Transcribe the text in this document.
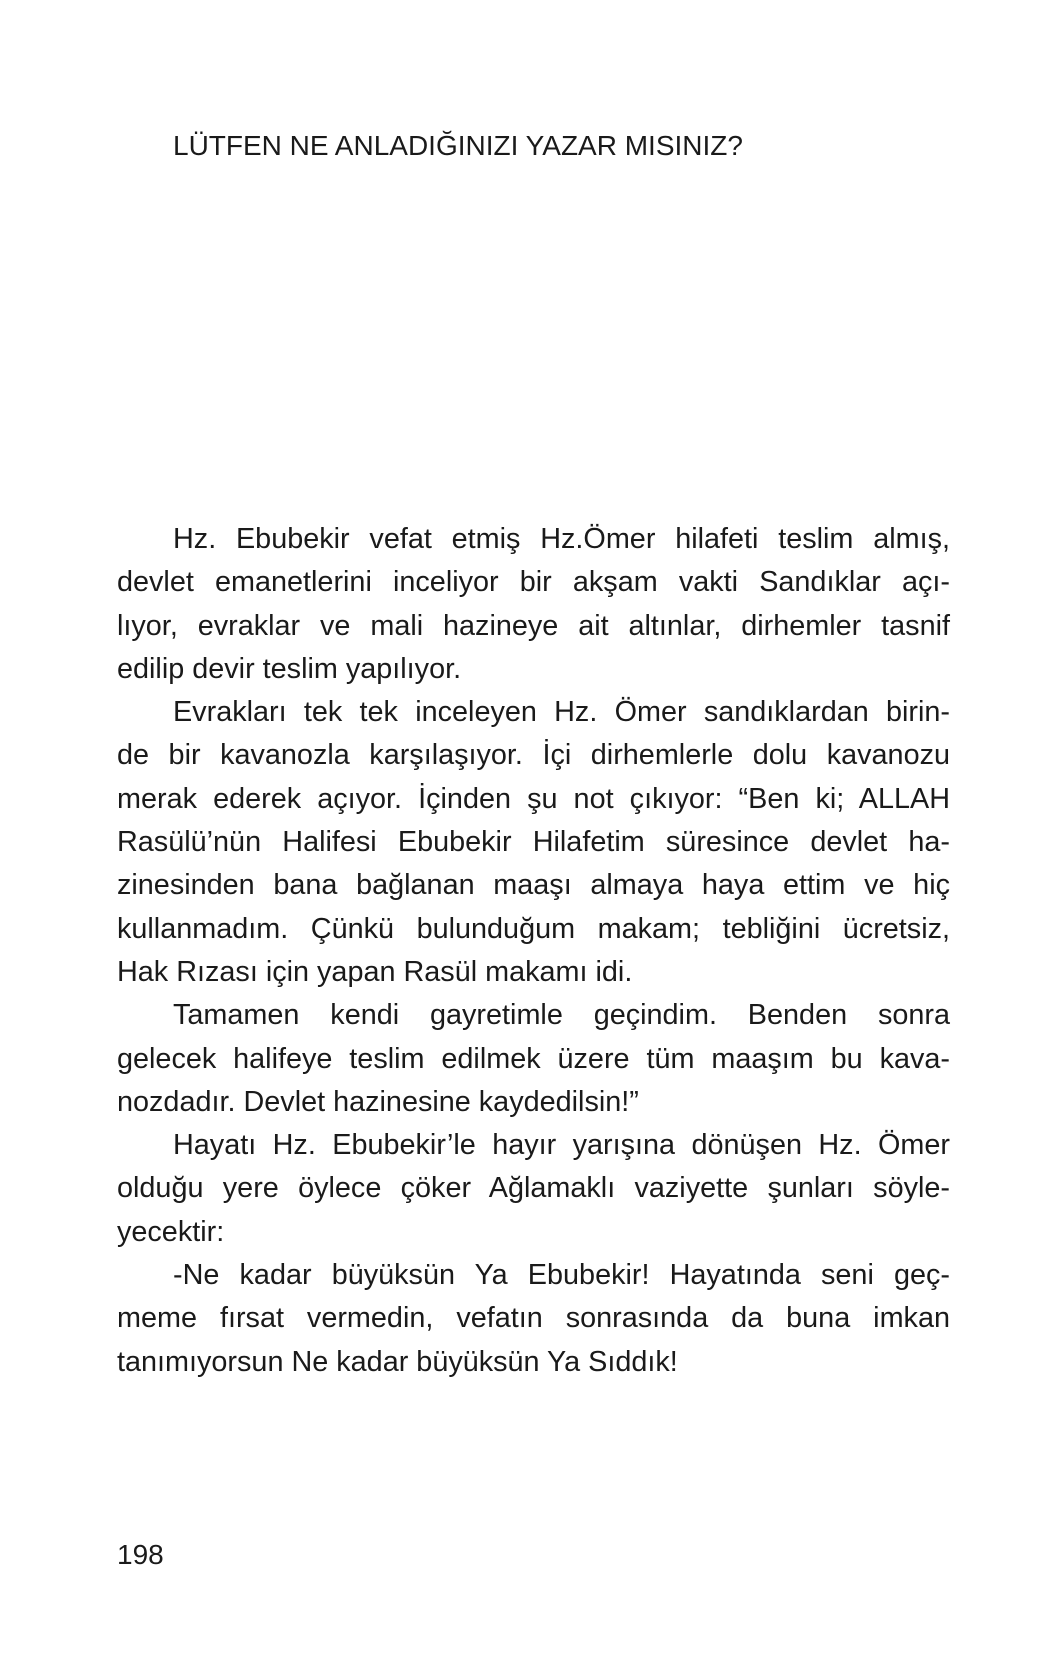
LÜTFEN NE ANLADIĞINIZI YAZAR MISINIZ?
Hz. Ebubekir vefat etmiş Hz.Ömer hilafeti teslim almış,
devlet emanetlerini inceliyor bir akşam vakti Sandıklar açı-
lıyor, evraklar ve mali hazineye ait altınlar, dirhemler tasnif
edilip devir teslim yapılıyor.
Evrakları tek tek inceleyen Hz. Ömer sandıklardan birin-
de bir kavanozla karşılaşıyor. İçi dirhemlerle dolu kavanozu
merak ederek açıyor. İçinden şu not çıkıyor: “Ben ki; ALLAH
Rasülü’nün Halifesi Ebubekir Hilafetim süresince devlet ha-
zinesinden bana bağlanan maaşı almaya haya ettim ve hiç
kullanmadım. Çünkü bulunduğum makam; tebliğini ücretsiz,
Hak Rızası için yapan Rasül makamı idi.
Tamamen kendi gayretimle geçindim. Benden sonra
gelecek halifeye teslim edilmek üzere tüm maaşım bu kava-
nozdadır. Devlet hazinesine kaydedilsin!”
Hayatı Hz. Ebubekir’le hayır yarışına dönüşen Hz. Ömer
olduğu yere öylece çöker Ağlamaklı vaziyette şunları söyle-
yecektir:
-Ne kadar büyüksün Ya Ebubekir! Hayatında seni geç-
meme fırsat vermedin, vefatın sonrasında da buna imkan
tanımıyorsun Ne kadar büyüksün Ya Sıddık!
198
